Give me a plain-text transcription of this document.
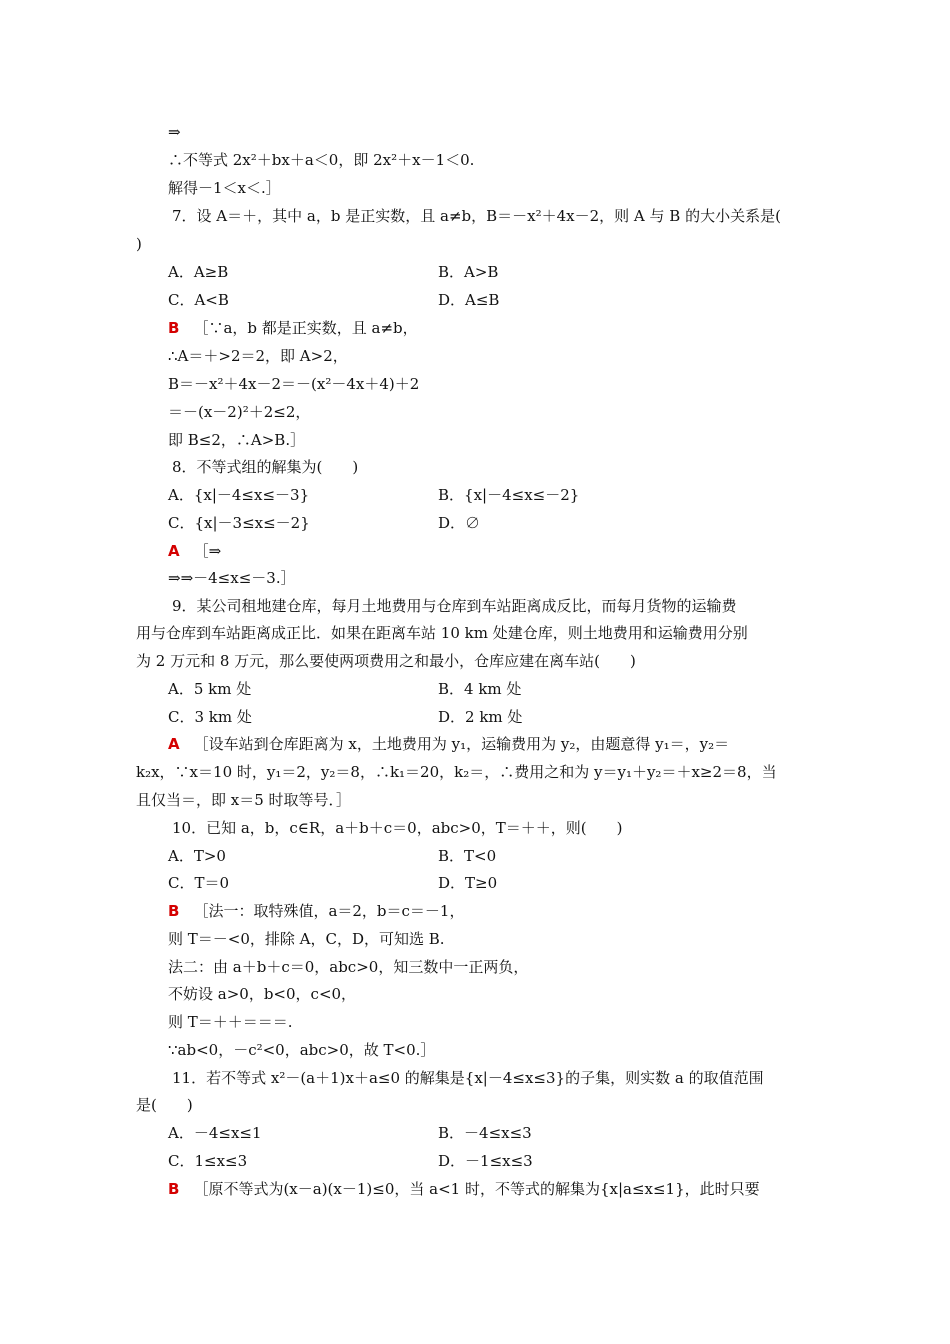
⇒
∴不等式 2x²＋bx＋a＜0，即 2x²＋x－1＜0.
解得－1＜x＜.］
7．设 A＝＋，其中 a，b 是正实数，且 a≠b，B＝－x²＋4x－2，则 A 与 B 的大小关系是(
)
A．A≥B	B．A>B
C．A<B	D．A≤B
B ［∵a，b 都是正实数，且 a≠b，
∴A＝＋>2＝2，即 A>2，
B＝－x²＋4x－2＝－(x²－4x＋4)＋2
＝－(x－2)²＋2≤2，
即 B≤2，∴A>B.］
8．不等式组的解集为(　　)
A．{x|－4≤x≤－3}	B．{x|－4≤x≤－2}
C．{x|－3≤x≤－2}	D．∅
A ［⇒
⇒⇒－4≤x≤－3.］
9．某公司租地建仓库，每月土地费用与仓库到车站距离成反比，而每月货物的运输费
用与仓库到车站距离成正比．如果在距离车站 10 km 处建仓库，则土地费用和运输费用分别
为 2 万元和 8 万元，那么要使两项费用之和最小，仓库应建在离车站(　　)
A．5 km 处	B．4 km 处
C．3 km 处	D．2 km 处
A ［设车站到仓库距离为 x，土地费用为 y₁，运输费用为 y₂，由题意得 y₁＝，y₂＝
k₂x，∵x＝10 时，y₁＝2，y₂＝8，∴k₁＝20，k₂＝，∴费用之和为 y＝y₁＋y₂＝＋x≥2＝8，当
且仅当＝，即 x＝5 时取等号．］
10．已知 a，b，c∈R，a＋b＋c＝0，abc>0，T＝＋＋，则(　　)
A．T>0	B．T<0
C．T＝0	D．T≥0
B ［法一：取特殊值，a＝2，b＝c＝－1，
则 T＝－<0，排除 A，C，D，可知选 B.
法二：由 a＋b＋c＝0，abc>0，知三数中一正两负，
不妨设 a>0，b<0，c<0，
则 T＝＋＋＝＝＝.
∵ab<0，－c²<0，abc>0，故 T<0.］
11．若不等式 x²－(a＋1)x＋a≤0 的解集是{x|－4≤x≤3}的子集，则实数 a 的取值范围
是(　　)
A．－4≤x≤1	B．－4≤x≤3
C．1≤x≤3	D．－1≤x≤3
B ［原不等式为(x－a)(x－1)≤0，当 a<1 时，不等式的解集为{x|a≤x≤1}，此时只要
